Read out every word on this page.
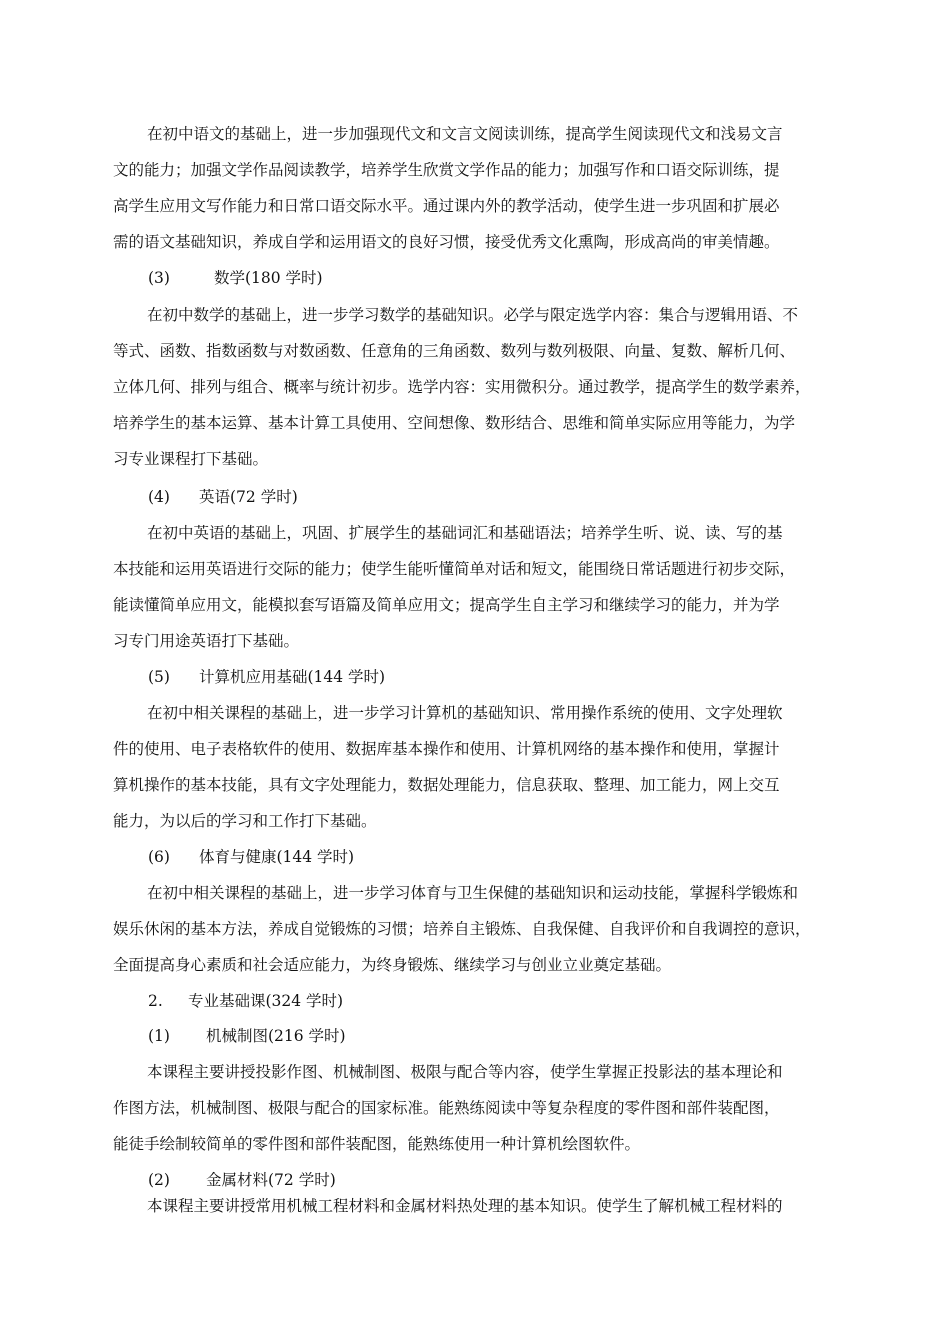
在初中语文的基础上，进一步加强现代文和文言文阅读训练，提高学生阅读现代文和浅易文言
文的能力；加强文学作品阅读教学，培养学生欣赏文学作品的能力；加强写作和口语交际训练，提
高学生应用文写作能力和日常口语交际水平。通过课内外的教学活动，使学生进一步巩固和扩展必
需的语文基础知识，养成自学和运用语文的良好习惯，接受优秀文化熏陶，形成高尚的审美情趣。
(3)	数学(180 学时)
在初中数学的基础上，进一步学习数学的基础知识。必学与限定选学内容：集合与逻辑用语、不
等式、函数、指数函数与对数函数、任意角的三角函数、数列与数列极限、向量、复数、解析几何、
立体几何、排列与组合、概率与统计初步。选学内容：实用微积分。通过教学，提高学生的数学素养，
培养学生的基本运算、基本计算工具使用、空间想像、数形结合、思维和简单实际应用等能力，为学
习专业课程打下基础。
(4) 英语(72 学时)
在初中英语的基础上，巩固、扩展学生的基础词汇和基础语法；培养学生听、说、读、写的基
本技能和运用英语进行交际的能力；使学生能听懂简单对话和短文，能围绕日常话题进行初步交际，
能读懂简单应用文，能模拟套写语篇及简单应用文；提高学生自主学习和继续学习的能力，并为学
习专门用途英语打下基础。
(5) 计算机应用基础(144 学时)
在初中相关课程的基础上，进一步学习计算机的基础知识、常用操作系统的使用、文字处理软
件的使用、电子表格软件的使用、数据库基本操作和使用、计算机网络的基本操作和使用，掌握计
算机操作的基本技能，具有文字处理能力，数据处理能力，信息获取、整理、加工能力，网上交互
能力，为以后的学习和工作打下基础。
(6) 体育与健康(144 学时)
在初中相关课程的基础上，进一步学习体育与卫生保健的基础知识和运动技能，掌握科学锻炼和
娱乐休闲的基本方法，养成自觉锻炼的习惯；培养自主锻炼、自我保健、自我评价和自我调控的意识，
全面提高身心素质和社会适应能力，为终身锻炼、继续学习与创业立业奠定基础。
2. 专业基础课(324 学时)
(1) 机械制图(216 学时)
本课程主要讲授投影作图、机械制图、极限与配合等内容，使学生掌握正投影法的基本理论和
作图方法，机械制图、极限与配合的国家标准。能熟练阅读中等复杂程度的零件图和部件装配图，
能徒手绘制较简单的零件图和部件装配图，能熟练使用一种计算机绘图软件。
(2) 金属材料(72 学时)
本课程主要讲授常用机械工程材料和金属材料热处理的基本知识。使学生了解机械工程材料的
